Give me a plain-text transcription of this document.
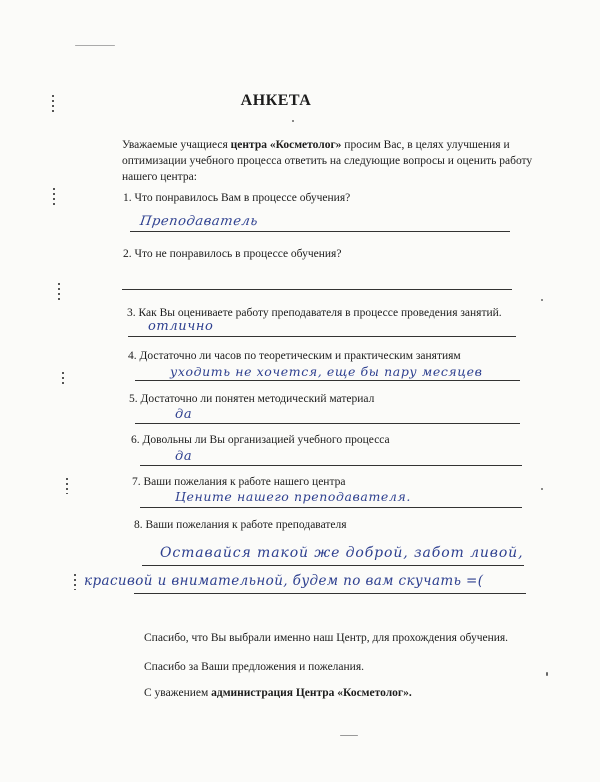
АНКЕТА
Уважаемые учащиеся центра «Косметолог» просим Вас, в целях улучшения и оптимизации учебного процесса ответить на следующие вопросы и оценить работу нашего центра:
1. Что понравилось Вам в процессе обучения?
Преподаватель
2. Что не понравилось в процессе обучения?
3. Как Вы оцениваете работу преподавателя в процессе проведения занятий.
отлично
4. Достаточно ли часов по теоретическим и практическим занятиям
уходить не хочется, еще бы пару месяцев
5. Достаточно ли понятен методический материал
да
6. Довольны ли Вы организацией учебного процесса
да
7. Ваши пожелания к работе нашего центра
Цените нашего преподавателя.
8. Ваши пожелания к работе преподавателя
Оставайся такой же доброй, забот ливой,
красивой и внимательной, будем по вам скучать =(
Спасибо, что Вы выбрали именно наш Центр, для прохождения обучения.
Спасибо за Ваши предложения и пожелания.
С уважением администрация Центра «Косметолог».
